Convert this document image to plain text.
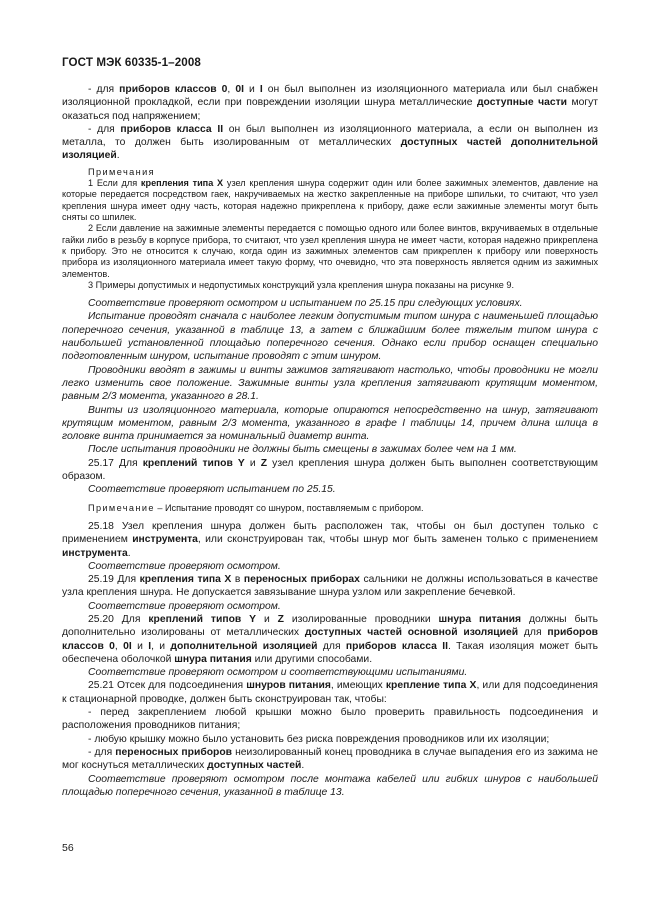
ГОСТ МЭК 60335-1–2008

- для приборов классов 0, 0I и I он был выполнен из изоляционного материала или был снабжен изоляционной прокладкой, если при повреждении изоляции шнура металлические доступные части могут оказаться под напряжением;

- для приборов класса II он был выполнен из изоляционного материала, а если он выполнен из металла, то должен быть изолированным от металлических доступных частей дополнительной изоляцией.

Примечания

1 Если для крепления типа X узел крепления шнура содержит один или более зажимных элементов, давление на которые передается посредством гаек, накручиваемых на жестко закрепленные на приборе шпильки, то считают, что узел крепления шнура имеет одну часть, которая надежно прикреплена к прибору, даже если зажимные элементы могут быть сняты со шпилек.

2 Если давление на зажимные элементы передается с помощью одного или более винтов, вкручиваемых в отдельные гайки либо в резьбу в корпусе прибора, то считают, что узел крепления шнура не имеет части, которая надежно прикреплена к прибору. Это не относится к случаю, когда один из зажимных элементов сам прикреплен к прибору или поверхность прибора из изоляционного материала имеет такую форму, что очевидно, что эта поверхность является одним из зажимных элементов.

3 Примеры допустимых и недопустимых конструкций узла крепления шнура показаны на рисунке 9.

Соответствие проверяют осмотром и испытанием по 25.15 при следующих условиях.

Испытание проводят сначала с наиболее легким допустимым типом шнура с наименьшей площадью поперечного сечения, указанной в таблице 13, а затем с ближайшим более тяжелым типом шнура с наибольшей установленной площадью поперечного сечения. Однако если прибор оснащен специально подготовленным шнуром, испытание проводят с этим шнуром.

Проводники вводят в зажимы и винты зажимов затягивают настолько, чтобы проводники не могли легко изменить свое положение. Зажимные винты узла крепления затягивают крутящим моментом, равным 2/3 момента, указанного в 28.1.

Винты из изоляционного материала, которые опираются непосредственно на шнур, затягивают крутящим моментом, равным 2/3 момента, указанного в графе I таблицы 14, причем длина шлица в головке винта принимается за номинальный диаметр винта.

После испытания проводники не должны быть смещены в зажимах более чем на 1 мм.

25.17 Для креплений типов Y и Z узел крепления шнура должен быть выполнен соответствующим образом.

Соответствие проверяют испытанием по 25.15.

Примечание – Испытание проводят со шнуром, поставляемым с прибором.

25.18 Узел крепления шнура должен быть расположен так, чтобы он был доступен только с применением инструмента, или сконструирован так, чтобы шнур мог быть заменен только с применением инструмента.

Соответствие проверяют осмотром.

25.19 Для крепления типа X в переносных приборах сальники не должны использоваться в качестве узла крепления шнура. Не допускается завязывание шнура узлом или закрепление бечевкой.

Соответствие проверяют осмотром.

25.20 Для креплений типов Y и Z изолированные проводники шнура питания должны быть дополнительно изолированы от металлических доступных частей основной изоляцией для приборов классов 0, 0I и I, и дополнительной изоляцией для приборов класса II. Такая изоляция может быть обеспечена оболочкой шнура питания или другими способами.

Соответствие проверяют осмотром и соответствующими испытаниями.

25.21 Отсек для подсоединения шнуров питания, имеющих крепление типа X, или для подсоединения к стационарной проводке, должен быть сконструирован так, чтобы:

- перед закреплением любой крышки можно было проверить правильность подсоединения и расположения проводников питания;

- любую крышку можно было установить без риска повреждения проводников или их изоляции;

- для переносных приборов неизолированный конец проводника в случае выпадения его из зажима не мог коснуться металлических доступных частей.

Соответствие проверяют осмотром после монтажа кабелей или гибких шнуров с наибольшей площадью поперечного сечения, указанной в таблице 13.

56
